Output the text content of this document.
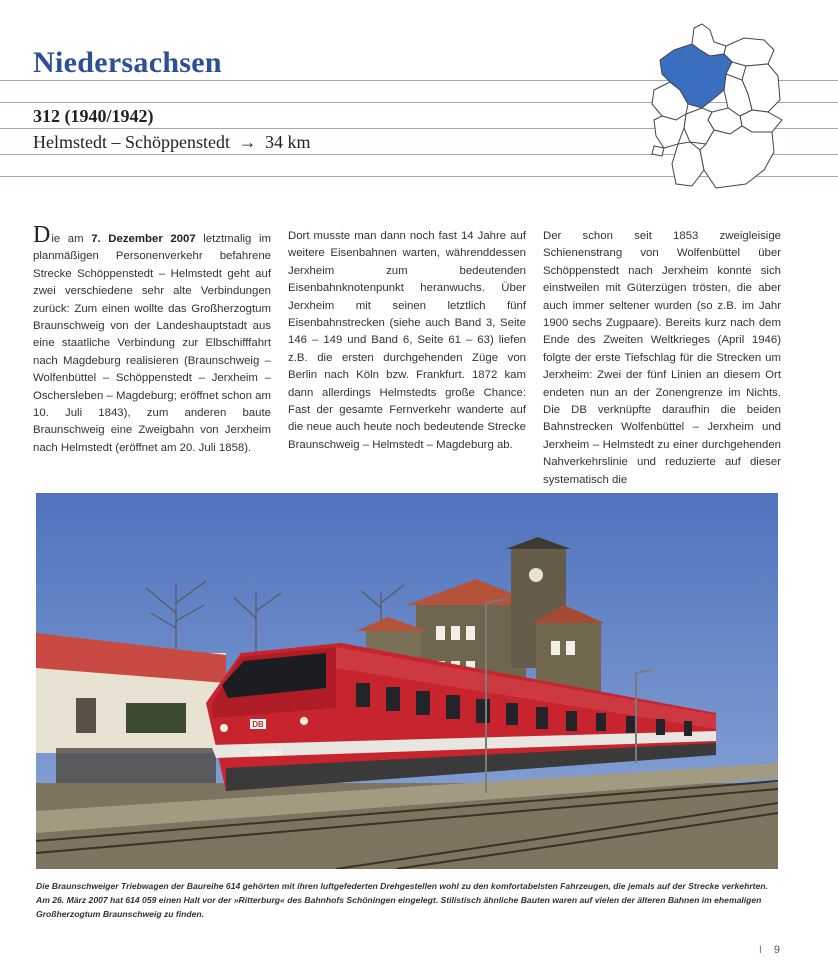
Niedersachsen
312 (1940/1942)
Helmstedt – Schöppenstedt → 34 km

Die am 7. Dezember 2007 letztmalig im planmäßigen Personenverkehr befahrene Strecke Schöppenstedt – Helmstedt geht auf zwei verschiedene sehr alte Verbindungen zurück: Zum einen wollte das Großherzogtum Braunschweig von der Landeshauptstadt aus eine staatliche Verbindung zur Elbschifffahrt nach Magdeburg realisieren (Braunschweig – Wolfenbüttel – Schöppenstedt – Jerxheim – Oschersleben – Magdeburg; eröffnet schon am 10. Juli 1843), zum anderen baute Braunschweig eine Zweigbahn von Jerxheim nach Helmstedt (eröffnet am 20. Juli 1858).

Dort musste man dann noch fast 14 Jahre auf weitere Eisenbahnen warten, währenddessen Jerxheim zum bedeutenden Eisenbahnknotenpunkt heranwuchs. Über Jerxheim mit seinen letztlich fünf Eisenbahnstrecken (siehe auch Band 3, Seite 146 – 149 und Band 6, Seite 61 – 63) liefen z.B. die ersten durchgehenden Züge von Berlin nach Köln bzw. Frankfurt. 1872 kam dann allerdings Helmstedts große Chance: Fast der gesamte Fernverkehr wanderte auf die neue auch heute noch bedeutende Strecke Braunschweig – Helmstedt – Magdeburg ab.

Der schon seit 1853 zweigleisige Schienenstrang von Wolfenbüttel über Schöppenstedt nach Jerxheim konnte sich einstweilen mit Güterzügen trösten, die aber auch immer seltener wurden (so z.B. im Jahr 1900 sechs Zugpaare). Bereits kurz nach dem Ende des Zweiten Weltkrieges (April 1946) folgte der erste Tiefschlag für die Strecken um Jerxheim: Zwei der fünf Linien an diesem Ort endeten nun an der Zonengrenze im Nichts. Die DB verknüpfte daraufhin die beiden Bahnstrecken Wolfenbüttel – Jerxheim und Jerxheim – Helmstedt zu einer durchgehenden Nahverkehrslinie und reduzierte auf dieser systematisch die

DB
614 059-4

Die Braunschweiger Triebwagen der Baureihe 614 gehörten mit ihren luftgefederten Drehgestellen wohl zu den komfortabelsten Fahrzeugen, die jemals auf der Strecke verkehrten. Am 26. März 2007 hat 614 059 einen Halt vor der »Ritterburg« des Bahnhofs Schöningen eingelegt. Stilistisch ähnliche Bauten waren auf vielen der älteren Bahnen im ehemaligen Großherzogtum Braunschweig zu finden.

I 9
